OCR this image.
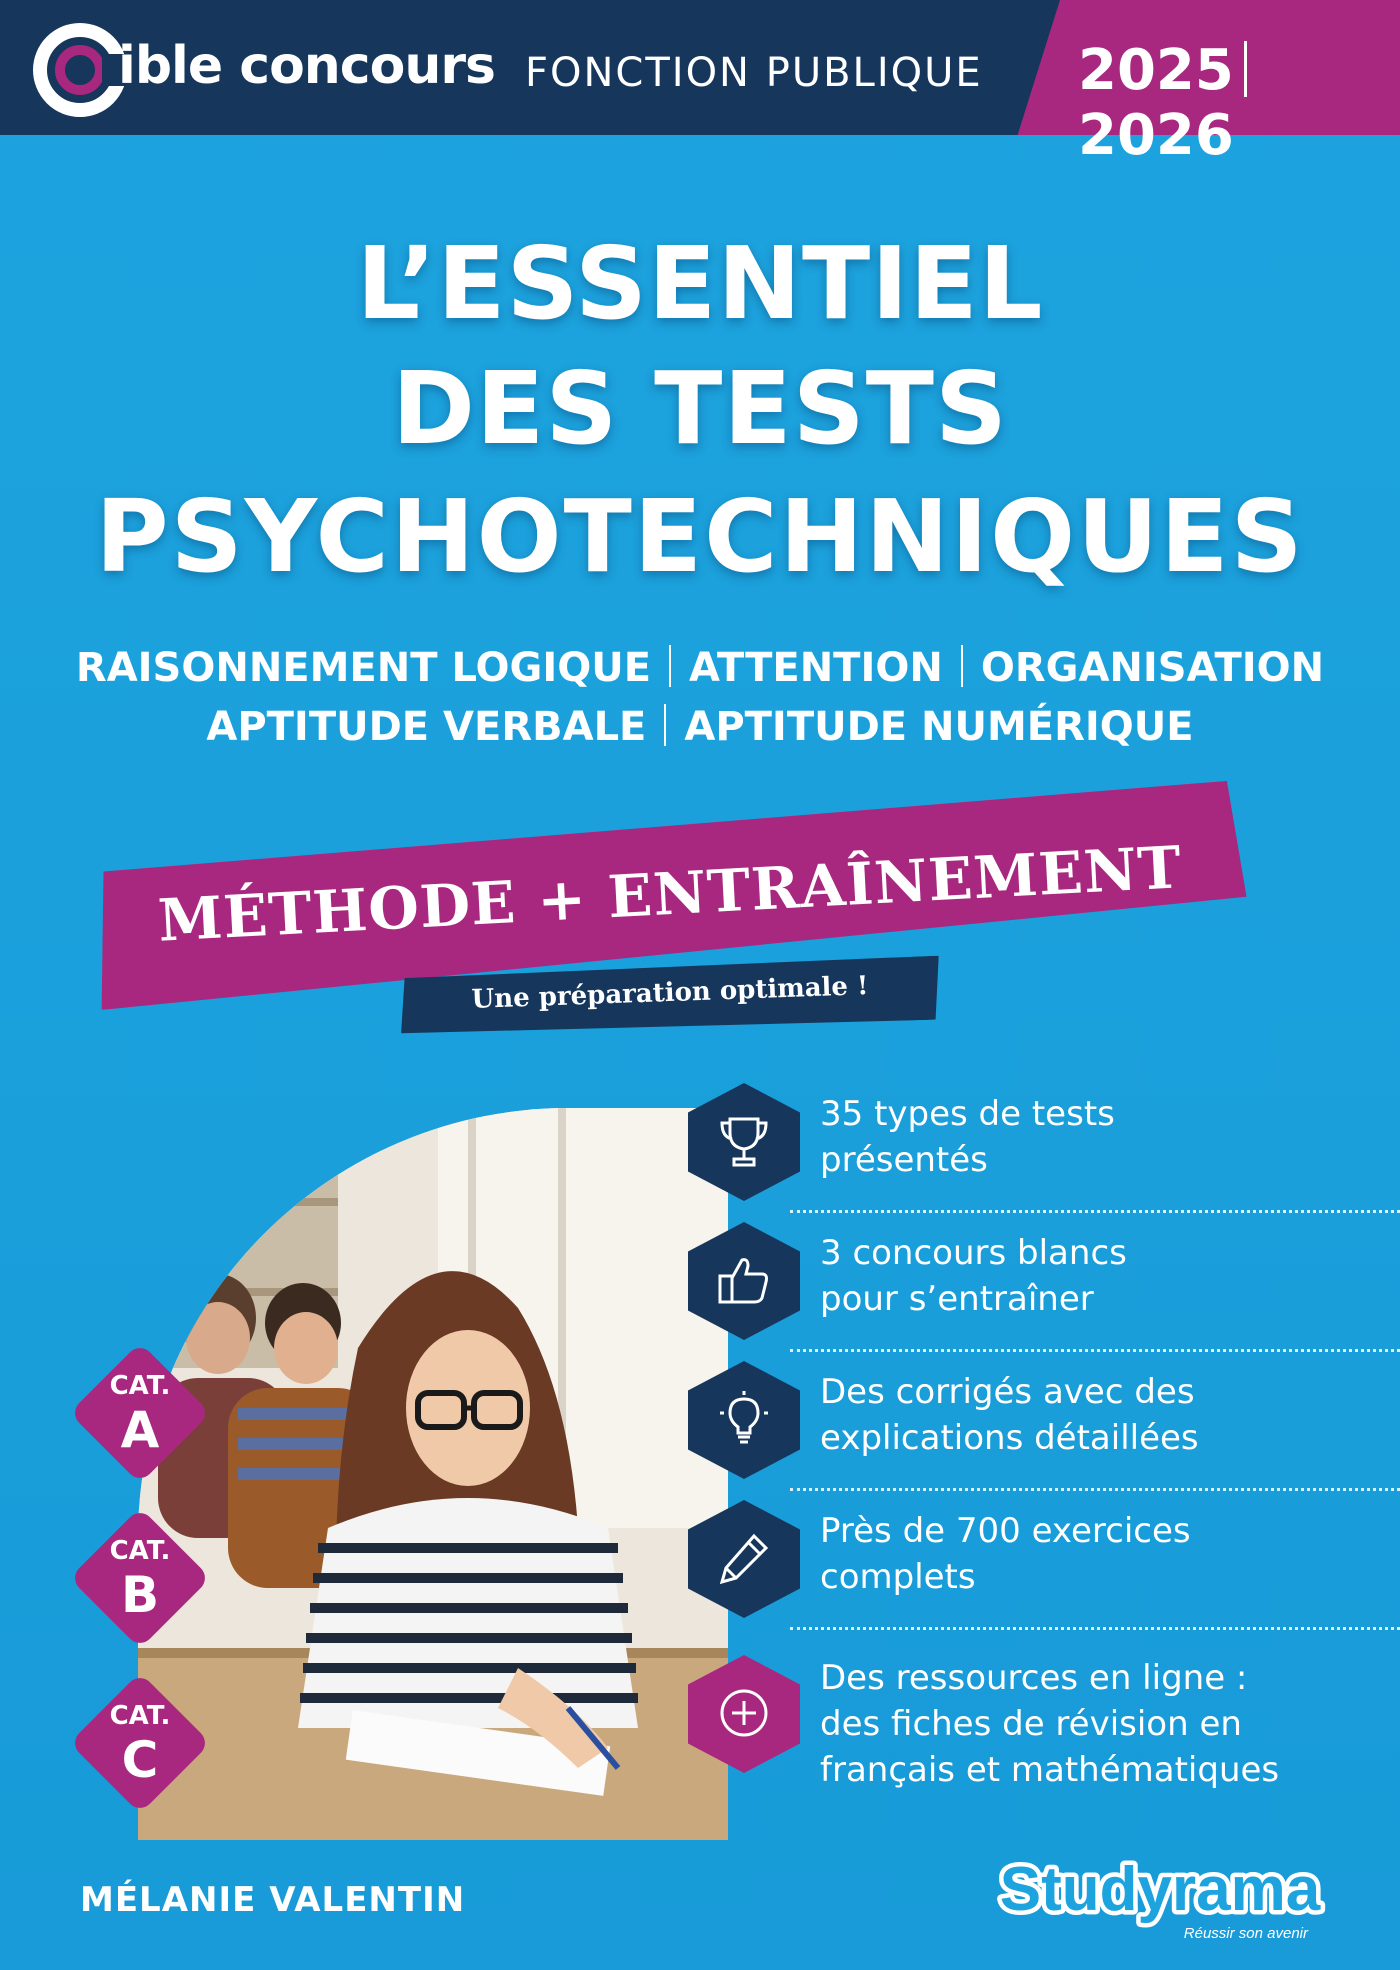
ible concours FONCTION PUBLIQUE 20252026
L’ESSENTIEL
DES TESTS
PSYCHOTECHNIQUES
RAISONNEMENT LOGIQUE ATTENTION ORGANISATION
APTITUDE VERBALE APTITUDE NUMÉRIQUE
MÉTHODE + ENTRAÎNEMENT
Une préparation optimale !
CAT.
A
CAT.
B
CAT.
C
35 types de tests
présentés
3 concours blancs
pour s’entraîner
Des corrigés avec des
explications détaillées
Près de 700 exercices
complets
Des ressources en ligne :
des fiches de révision en
français et mathématiques
MÉLANIE VALENTIN	Studyrama
Réussir son avenir
